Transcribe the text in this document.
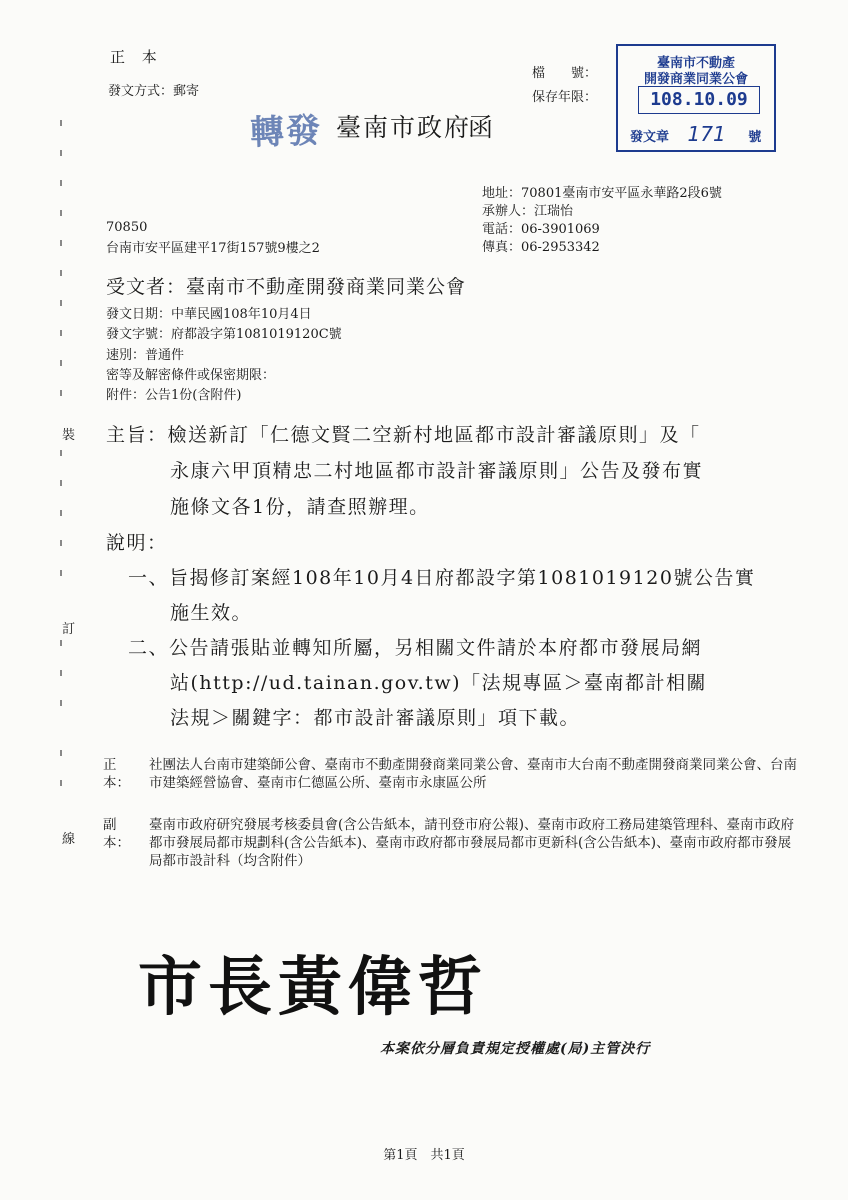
正 本
發文方式：郵寄
檔　　號：
保存年限：
臺南市不動產
開發商業同業公會
108.10.09
發文章 171 號
轉發 臺南市政府
函
地址：70801臺南市安平區永華路2段6號
承辦人：江瑞怡
電話：06-3901069
傳真：06-2953342
70850
台南市安平區建平17街157號9樓之2
受文者：臺南市不動產開發商業同業公會
發文日期：中華民國108年10月4日
發文字號：府都設字第1081019120C號
速別：普通件
密等及解密條件或保密期限：
附件：公告1份(含附件)
主旨：檢送新訂「仁德文賢二空新村地區都市設計審議原則」及「
永康六甲頂精忠二村地區都市設計審議原則」公告及發布實
施條文各1份，請查照辦理。
說明：
一、旨揭修訂案經108年10月4日府都設字第1081019120號公告實
施生效。
二、公告請張貼並轉知所屬，另相關文件請於本府都市發展局網
站(http://ud.tainan.gov.tw)「法規專區＞臺南都計相關
法規＞關鍵字：都市設計審議原則」項下載。
正本：
社團法人台南市建築師公會、臺南市不動產開發商業同業公會、臺南市大台南不動產開發商業同業公會、台南市建築經營協會、臺南市仁德區公所、臺南市永康區公所
副本：
臺南市政府研究發展考核委員會(含公告紙本，請刊登市府公報)、臺南市政府工務局建築管理科、臺南市政府都市發展局都市規劃科(含公告紙本)、臺南市政府都市發展局都市更新科(含公告紙本)、臺南市政府都市發展局都市設計科（均含附件）
裝
訂
線
市長黃偉哲
本案依分層負責規定授權處(局)主管決行
第1頁　共1頁
